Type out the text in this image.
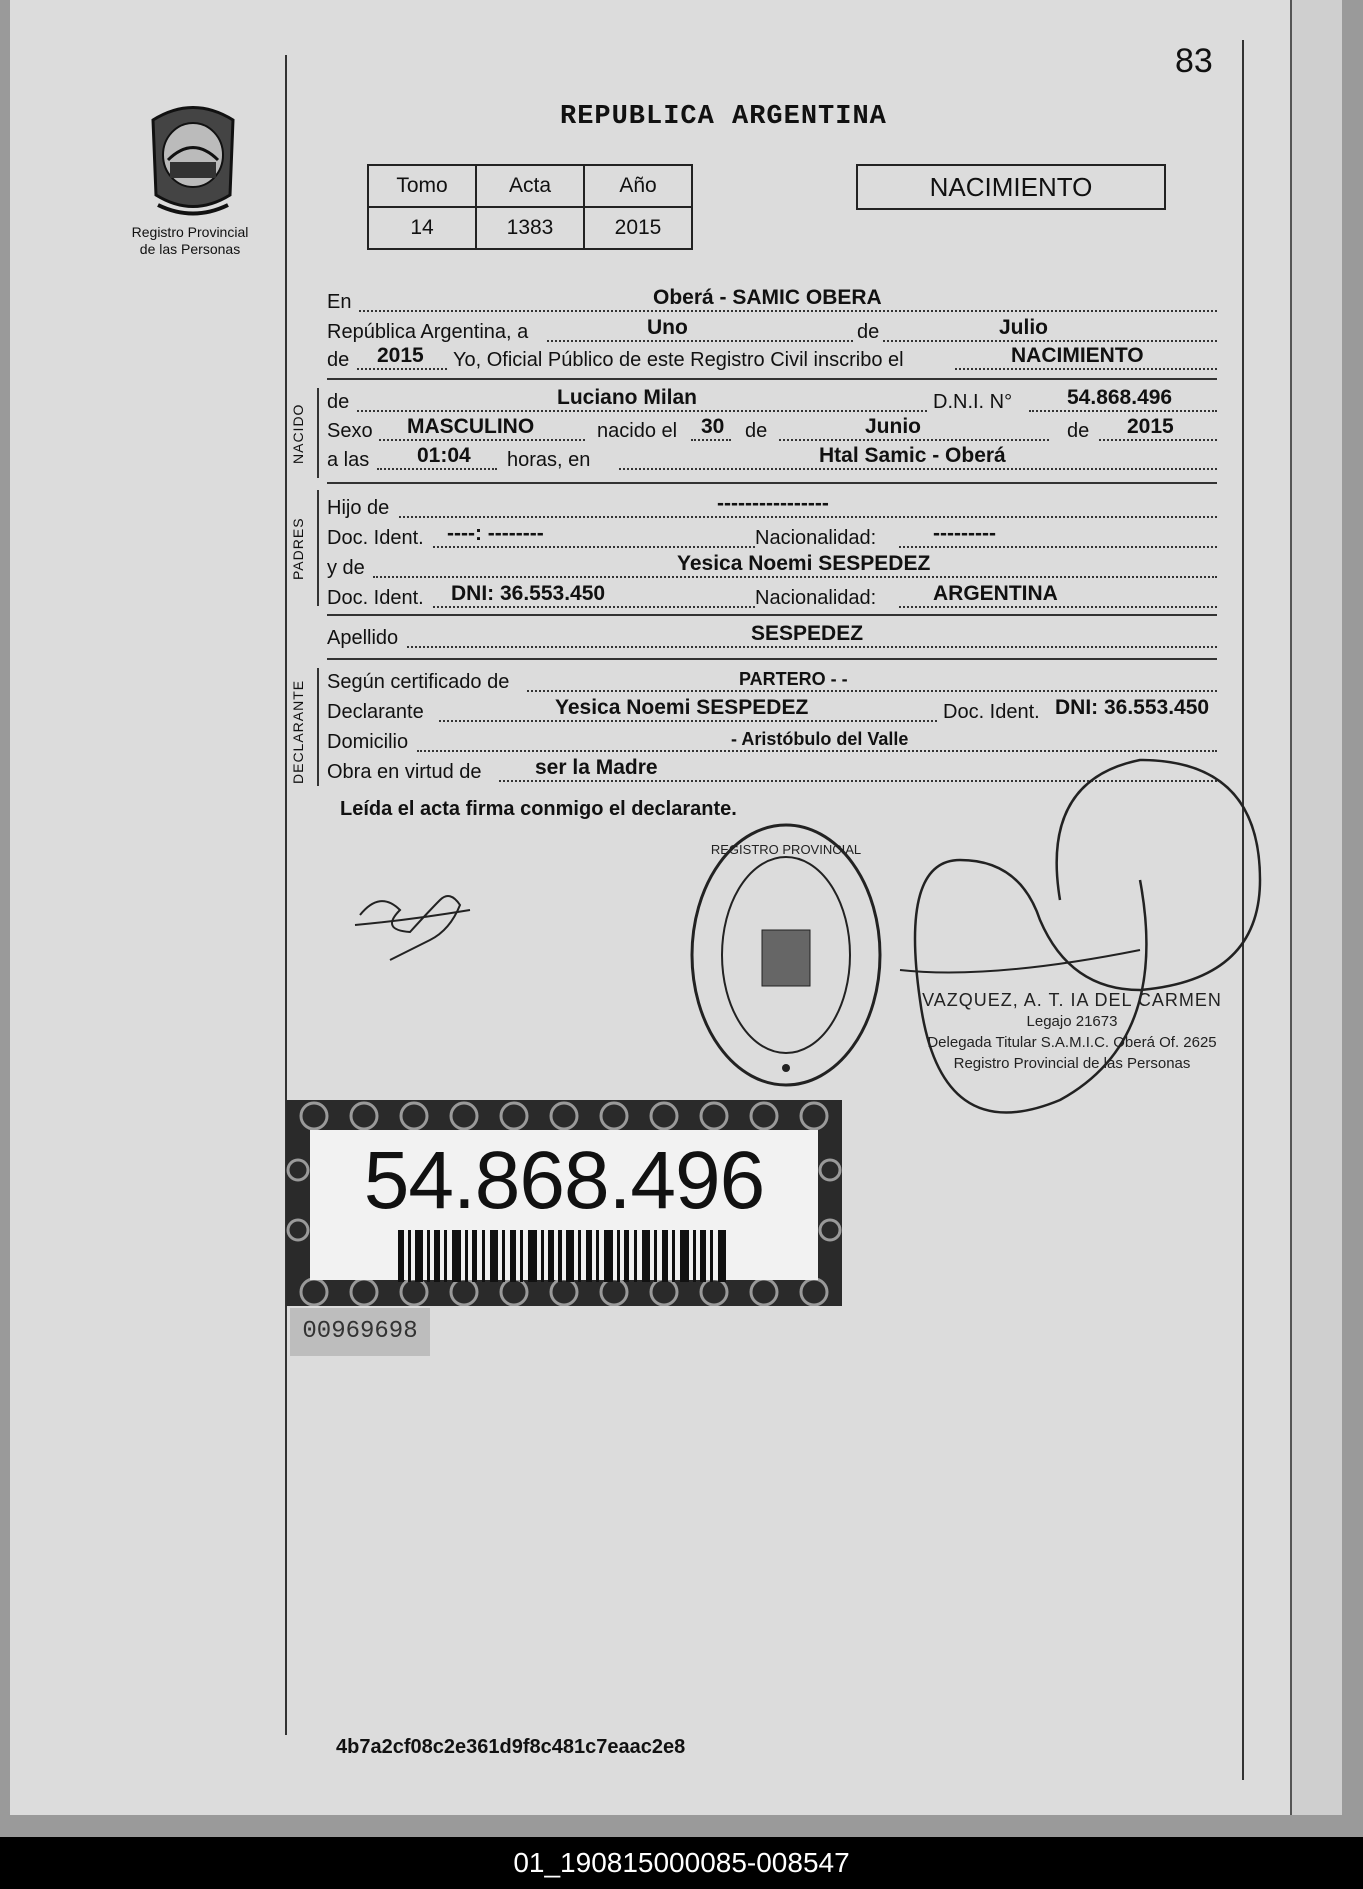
83
REPUBLICA ARGENTINA
Registro Provincial
de las Personas
Tomo	Acta	Año
14	1383	2015
NACIMIENTO
En	Oberá - SAMIC OBERA
República Argentina, a	Uno	de	Julio
de 2015 Yo, Oficial Público de este Registro Civil inscribo el	NACIMIENTO
NACIDO
de	Luciano Milan	D.N.I. N°	54.868.496
Sexo MASCULINO	nacido el 30 de	Junio	de 2015
a las 01:04 horas, en	Htal Samic - Oberá
PADRES
Hijo de	----------------
Doc. Ident. ----: --------	Nacionalidad:	---------
y de	Yesica Noemi SESPEDEZ
Doc. Ident. DNI: 36.553.450	Nacionalidad:	ARGENTINA
Apellido	SESPEDEZ
DECLARANTE Según certificado de	PARTERO - -
Declarante	Yesica Noemi SESPEDEZ	Doc. Ident. DNI: 36.553.450
Domicilio	- Aristóbulo del Valle
Obra en virtud de	ser la Madre
Leída el acta firma conmigo el declarante.
REGISTRO PROVINCIAL
VAZQUEZ, A. T. IA DEL CARMEN
Legajo 21673
Delegada Titular S.A.M.I.C. Oberá Of. 2625
Registro Provincial de las Personas
54.868.496
00969698
4b7a2cf08c2e361d9f8c481c7eaac2e8
01_190815000085-008547
